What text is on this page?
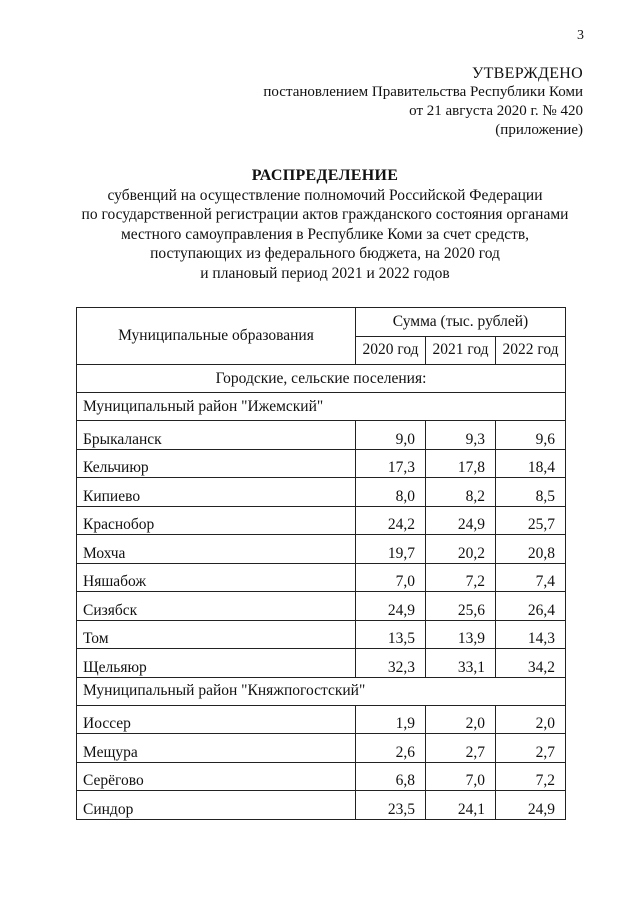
3
УТВЕРЖДЕНО
постановлением Правительства Республики Коми
от 21 августа 2020 г. № 420
(приложение)
РАСПРЕДЕЛЕНИЕ
субвенций на осуществление полномочий Российской Федерации
по государственной регистрации актов гражданского состояния органами
местного самоуправления в Республике Коми за счет средств,
поступающих из федерального бюджета, на 2020 год
и плановый период 2021 и 2022 годов
Муниципальные образования	Сумма (тыс. рублей)		
	2020 год	2021 год	2022 год
Городские, сельские поселения:			
Муниципальный район "Ижемский"			
Брыкаланск	9,0	9,3	9,6
Кельчиюр	17,3	17,8	18,4
Кипиево	8,0	8,2	8,5
Краснобор	24,2	24,9	25,7
Мохча	19,7	20,2	20,8
Няшабож	7,0	7,2	7,4
Сизябск	24,9	25,6	26,4
Том	13,5	13,9	14,3
Щельяюр	32,3	33,1	34,2
Муниципальный район "Княжпогостский"			
Иоссер	1,9	2,0	2,0
Мещура	2,6	2,7	2,7
Серёгово	6,8	7,0	7,2
Синдор	23,5	24,1	24,9
